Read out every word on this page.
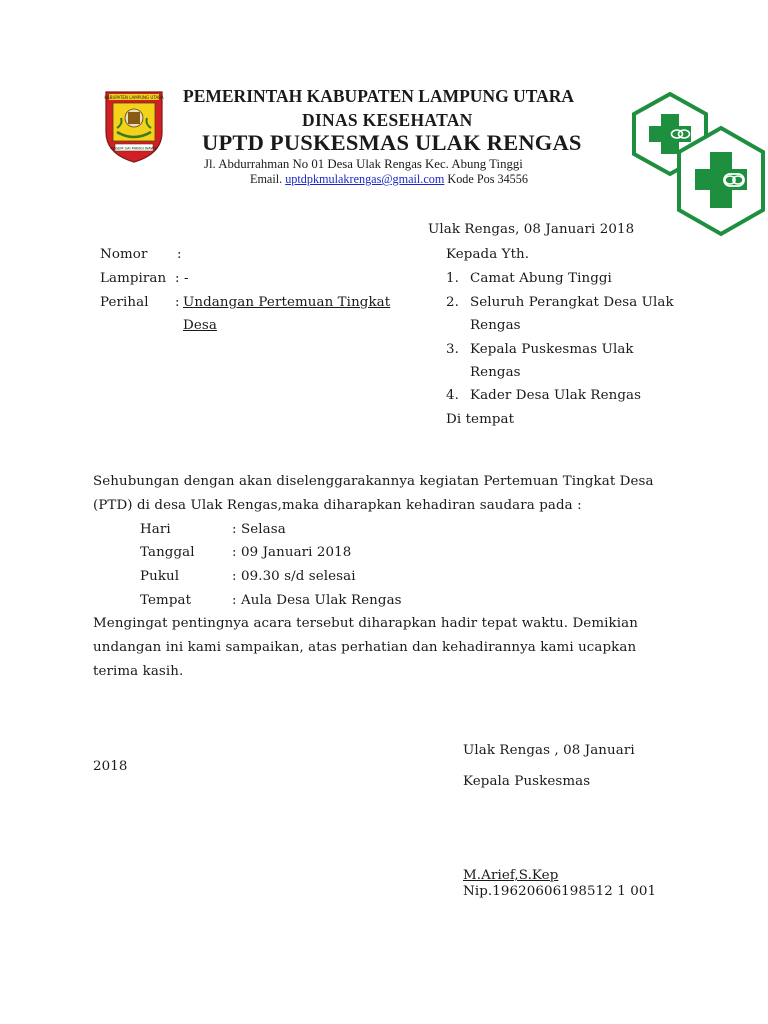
KABUPATEN LAMPUNG UTARA
RAGEM SAI MANGI WAWAI
PEMERINTAH KABUPATEN LAMPUNG UTARA
DINAS KESEHATAN
UPTD PUSKESMAS ULAK RENGAS
Jl. Abdurrahman No 01 Desa Ulak Rengas Kec. Abung Tinggi
Email. uptdpkmulakrengas@gmail.com Kode Pos 34556
Ulak Rengas, 08 Januari 2018
Nomor :
Lampiran : -
Perihal : Undangan Pertemuan Tingkat
Desa
Kepada Yth.
1. Camat Abung Tinggi
2. Seluruh Perangkat Desa Ulak
Rengas
3. Kepala Puskesmas Ulak
Rengas
4. Kader Desa Ulak Rengas
Di tempat
Sehubungan dengan akan diselenggarakannya kegiatan Pertemuan Tingkat Desa
(PTD) di desa Ulak Rengas,maka diharapkan kehadiran saudara pada :
Hari	: Selasa
Tanggal	: 09 Januari 2018
Pukul	: 09.30 s/d selesai
Tempat	: Aula Desa Ulak Rengas
Mengingat pentingnya acara tersebut diharapkan hadir tepat waktu. Demikian
undangan ini kami sampaikan, atas perhatian dan kehadirannya kami ucapkan
terima kasih.
Ulak Rengas , 08 Januari
2018
Kepala Puskesmas
M.Arief,S.Kep
Nip.19620606198512 1 001
